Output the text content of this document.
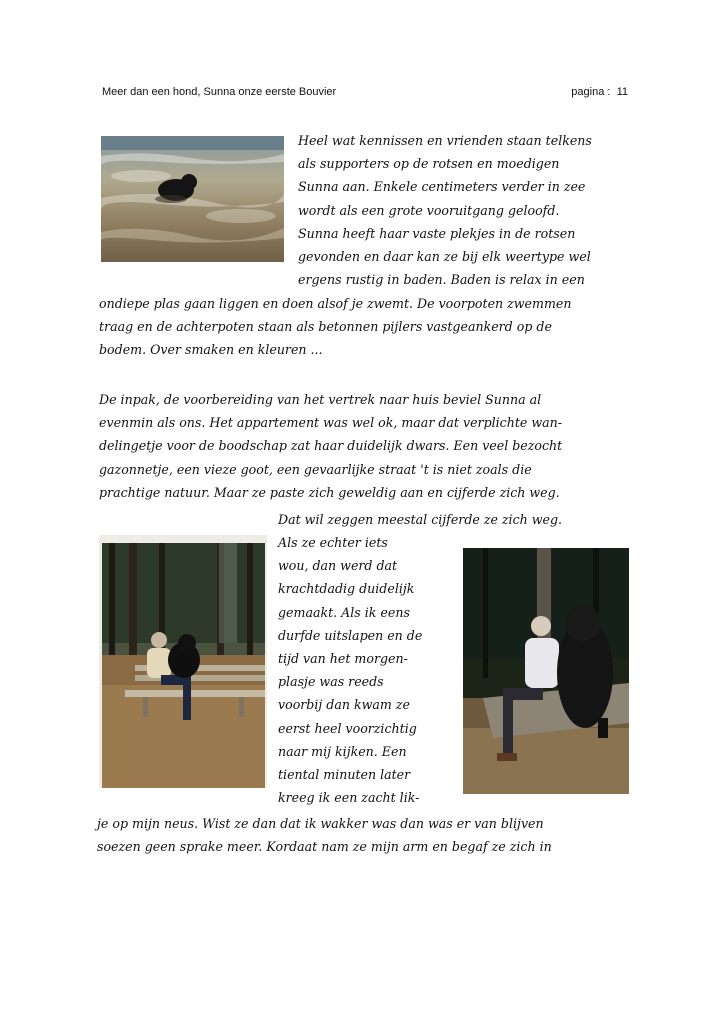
Meer dan een hond, Sunna onze eerste Bouvier	pagina : 11
Heel wat kennissen en vrienden staan telkens
als supporters op de rotsen en moedigen
Sunna aan. Enkele centimeters verder in zee
wordt als een grote vooruitgang geloofd.
Sunna heeft haar vaste plekjes in de rotsen
gevonden en daar kan ze bij elk weertype wel
ergens rustig in baden. Baden is relax in een
ondiepe plas gaan liggen en doen alsof je zwemt. De voorpoten zwemmen
traag en de achterpoten staan als betonnen pijlers vastgeankerd op de
bodem. Over smaken en kleuren ...
De inpak, de voorbereiding van het vertrek naar huis beviel Sunna al
evenmin als ons. Het appartement was wel ok, maar dat verplichte wan-
delingetje voor de boodschap zat haar duidelijk dwars. Een veel bezocht
gazonnetje, een vieze goot, een gevaarlijke straat 't is niet zoals die
prachtige natuur. Maar ze paste zich geweldig aan en cijferde zich weg.
Dat wil zeggen meestal cijferde ze zich weg.
Als ze echter iets
wou, dan werd dat
krachtdadig duidelijk
gemaakt. Als ik eens
durfde uitslapen en de
tijd van het morgen-
plasje was reeds
voorbij dan kwam ze
eerst heel voorzichtig
naar mij kijken. Een
tiental minuten later
kreeg ik een zacht lik-
je op mijn neus. Wist ze dan dat ik wakker was dan was er van blijven
soezen geen sprake meer. Kordaat nam ze mijn arm en begaf ze zich in
